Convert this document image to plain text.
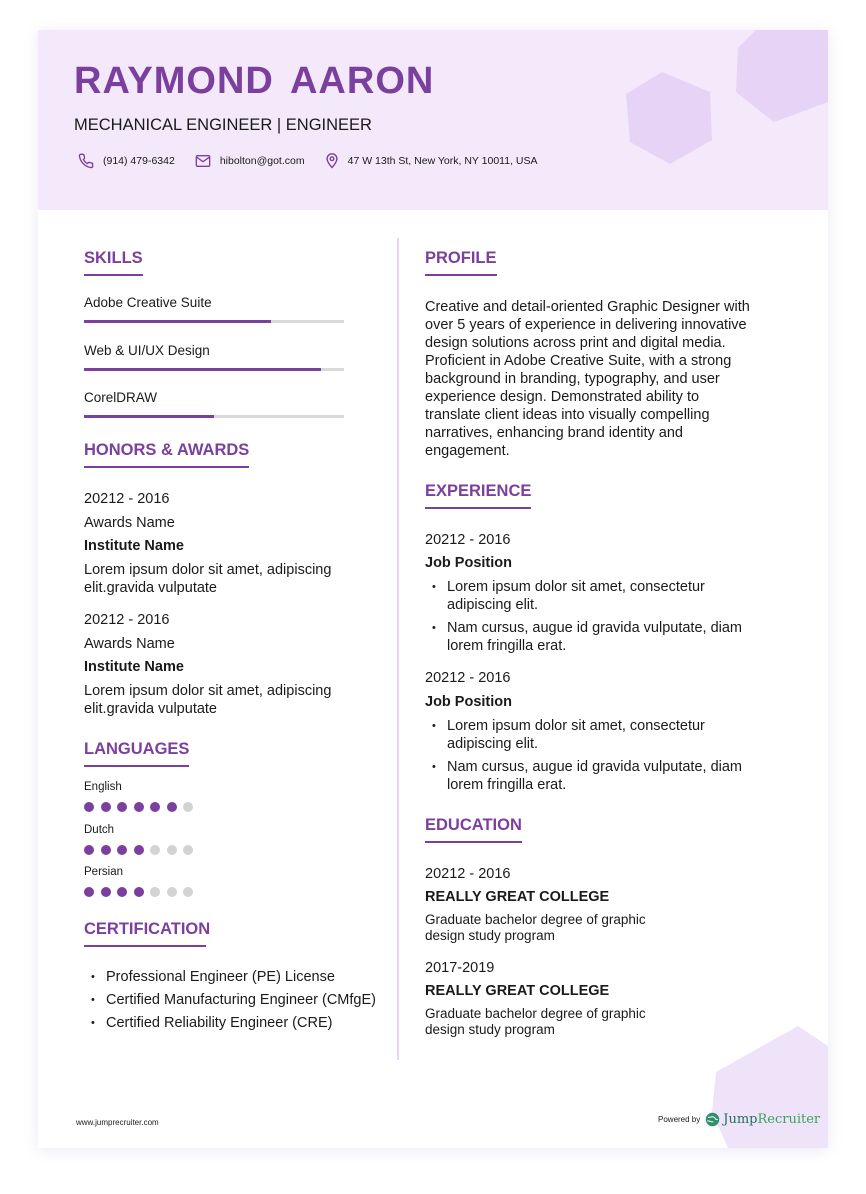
RAYMOND AARON
MECHANICAL ENGINEER | ENGINEER
(914) 479-6342	hibolton@got.com	47 W 13th St, New York, NY 10011, USA
SKILLS
Adobe Creative Suite
Web & UI/UX Design
CorelDRAW
HONORS & AWARDS
20212 - 2016
Awards Name
Institute Name
Lorem ipsum dolor sit amet, adipiscing
elit.gravida vulputate
20212 - 2016
Awards Name
Institute Name
Lorem ipsum dolor sit amet, adipiscing
elit.gravida vulputate
LANGUAGES
English
Dutch
Persian
CERTIFICATION
• Professional Engineer (PE) License
• Certified Manufacturing Engineer (CMfgE)
• Certified Reliability Engineer (CRE)
PROFILE
Creative and detail-oriented Graphic Designer with
over 5 years of experience in delivering innovative
design solutions across print and digital media.
Proficient in Adobe Creative Suite, with a strong
background in branding, typography, and user
experience design. Demonstrated ability to
translate client ideas into visually compelling
narratives, enhancing brand identity and
engagement.
EXPERIENCE
20212 - 2016
Job Position
• Lorem ipsum dolor sit amet, consectetur
adipiscing elit.
• Nam cursus, augue id gravida vulputate, diam
lorem fringilla erat.
20212 - 2016
Job Position
• Lorem ipsum dolor sit amet, consectetur
adipiscing elit.
• Nam cursus, augue id gravida vulputate, diam
lorem fringilla erat.
EDUCATION
20212 - 2016
REALLY GREAT COLLEGE
Graduate bachelor degree of graphic
design study program
2017-2019
REALLY GREAT COLLEGE
Graduate bachelor degree of graphic
design study program
www.jumprecruiter.com	Powered by JumpRecruiter
